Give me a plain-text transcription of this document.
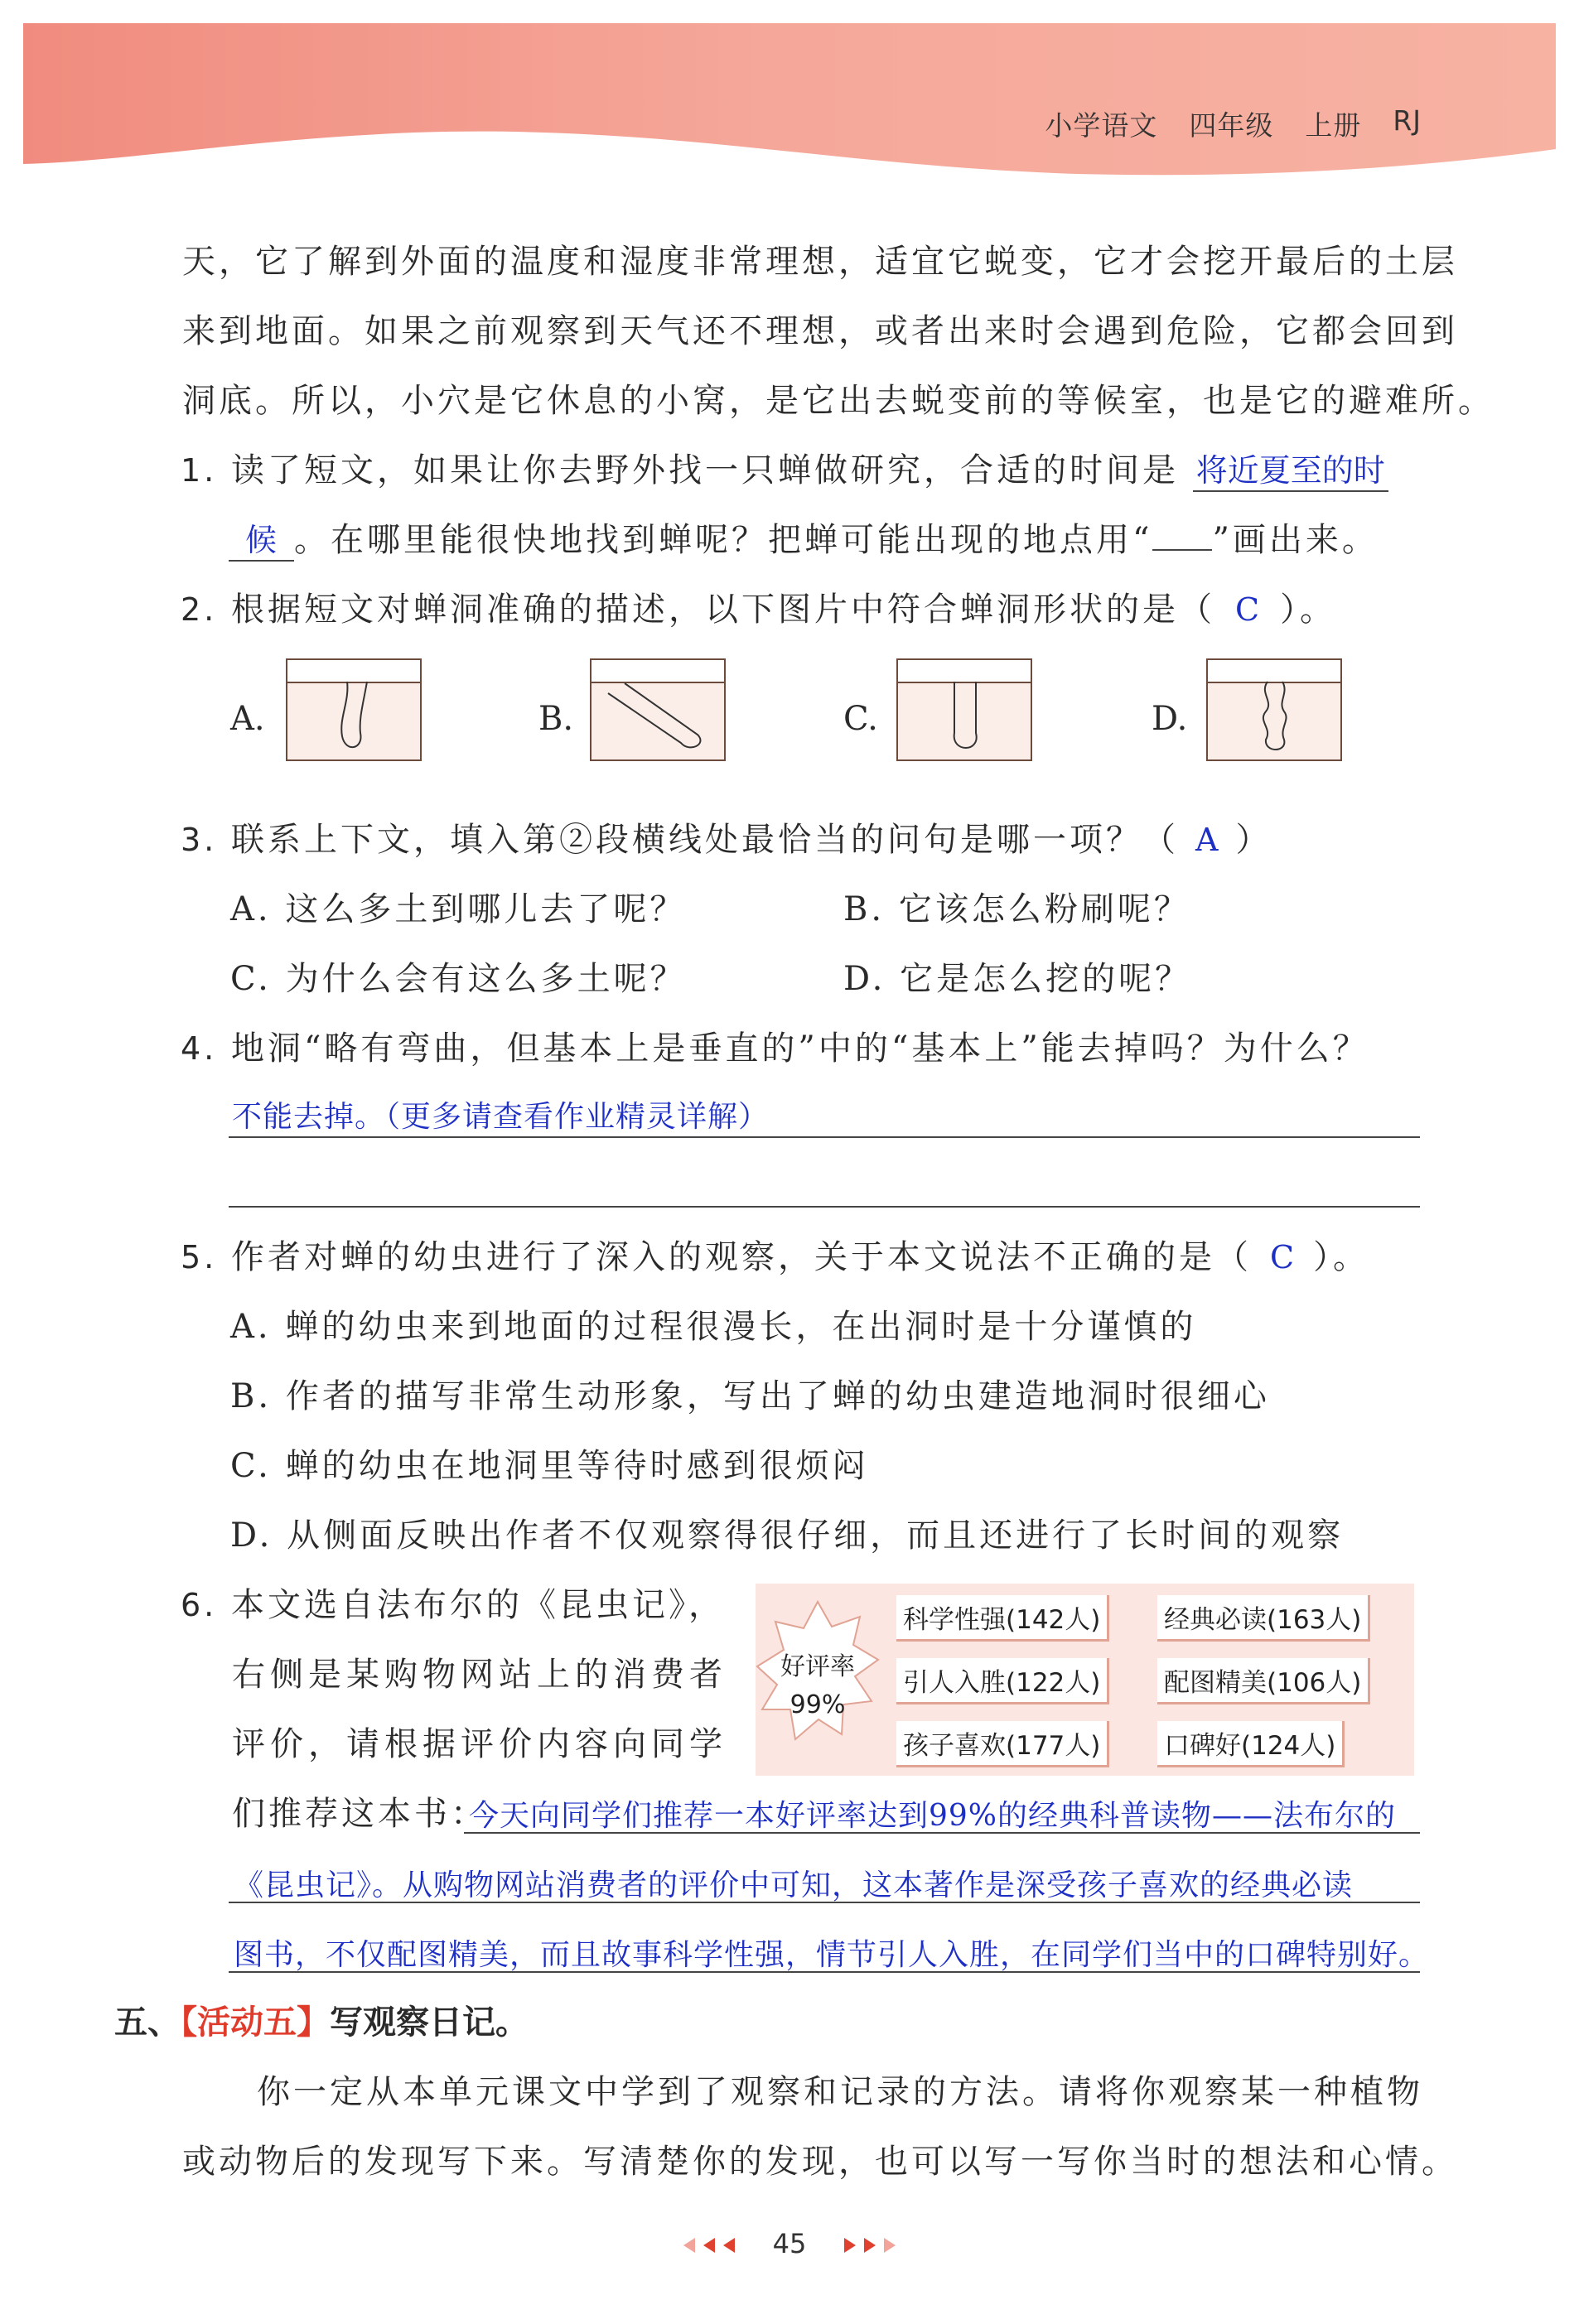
小学语文 四年级 上册 RJ
天，它了解到外面的温度和湿度非常理想，适宜它蜕变，它才会挖开最后的土层
来到地面。如果之前观察到天气还不理想，或者出来时会遇到危险，它都会回到
洞底。所以，小穴是它休息的小窝，是它出去蜕变前的等候室，也是它的避难所。
1. 读了短文，如果让你去野外找一只蝉做研究，合适的时间是 将近夏至的时
候 。在哪里能很快地找到蝉呢？把蝉可能出现的地点用“ ”画出来。
2. 根据短文对蝉洞准确的描述，以下图片中符合蝉洞形状的是（ C ）。
A.	B.	C.	D.
3. 联系上下文，填入第②段横线处最恰当的问句是哪一项？（ A ）
A. 这么多土到哪儿去了呢？	B. 它该怎么粉刷呢？
C. 为什么会有这么多土呢？	D. 它是怎么挖的呢？
4. 地洞“略有弯曲，但基本上是垂直的”中的“基本上”能去掉吗？为什么？
不能去掉。（更多请查看作业精灵详解）
5. 作者对蝉的幼虫进行了深入的观察，关于本文说法不正确的是（ C ）。
A. 蝉的幼虫来到地面的过程很漫长，在出洞时是十分谨慎的
B. 作者的描写非常生动形象，写出了蝉的幼虫建造地洞时很细心
C. 蝉的幼虫在地洞里等待时感到很烦闷
D. 从侧面反映出作者不仅观察得很仔细，而且还进行了长时间的观察
6. 本文选自法布尔的《昆虫记》，
右侧是某购物网站上的消费者
评价，请根据评价内容向同学
们推荐这本书：
好评率
99%
科学性强(142人)	经典必读(163人)
引人入胜(122人)	配图精美(106人)
孩子喜欢(177人)	口碑好(124人)
今天向同学们推荐一本好评率达到99%的经典科普读物——法布尔的
《昆虫记》。从购物网站消费者的评价中可知，这本著作是深受孩子喜欢的经典必读
图书，不仅配图精美，而且故事科学性强，情节引人入胜，在同学们当中的口碑特别好。
五、【活动五】写观察日记。
你一定从本单元课文中学到了观察和记录的方法。请将你观察某一种植物
或动物后的发现写下来。写清楚你的发现，也可以写一写你当时的想法和心情。
45
